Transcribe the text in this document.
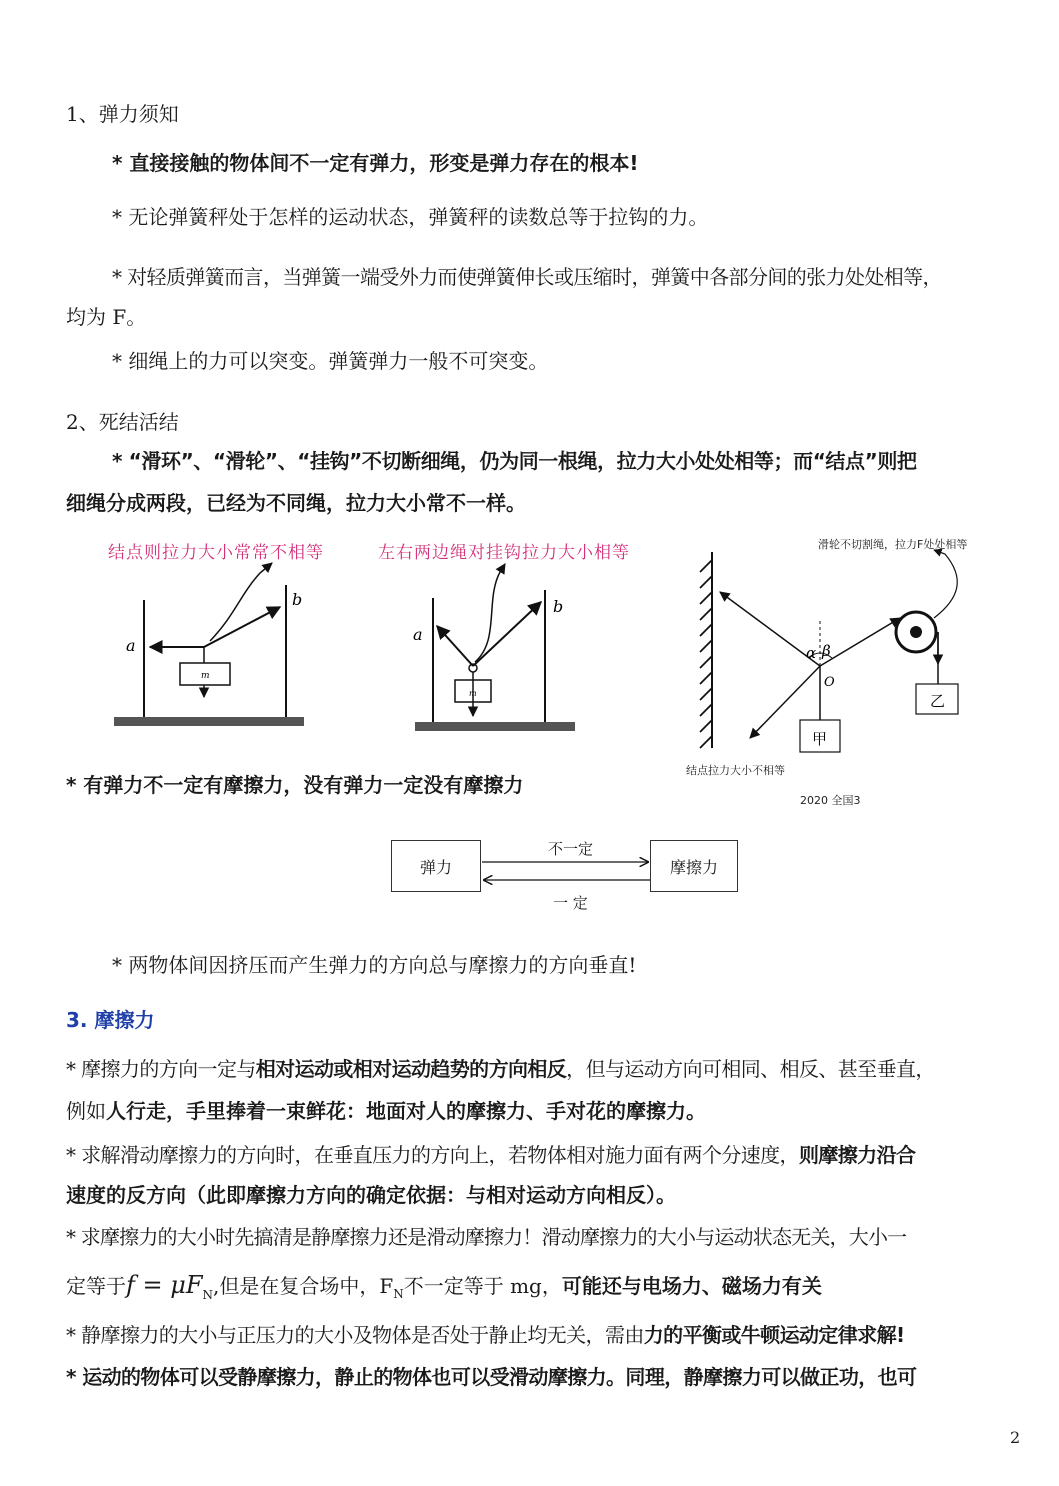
1、弹力须知
* 直接接触的物体间不一定有弹力，形变是弹力存在的根本!
* 无论弹簧秤处于怎样的运动状态，弹簧秤的读数总等于拉钩的力。
* 对轻质弹簧而言，当弹簧一端受外力而使弹簧伸长或压缩时，弹簧中各部分间的张力处处相等，
均为 F。
* 细绳上的力可以突变。弹簧弹力一般不可突变。
2、死结活结
* “滑环”、“滑轮”、“挂钩”不切断细绳，仍为同一根绳，拉力大小处处相等；而“结点”则把
细绳分成两段，已经为不同绳，拉力大小常不一样。
结点则拉力大小常常不相等	左右两边绳对挂钩拉力大小相等	滑轮不切割绳，拉力F处处相等
结点拉力大小不相等
2020 全国3
a
b
m
a
b
m
α β
O
甲
乙
* 有弹力不一定有摩擦力，没有弹力一定没有摩擦力
弹力	摩擦力
不一定
一 定
* 两物体间因挤压而产生弹力的方向总与摩擦力的方向垂直!
3. 摩擦力
* 摩擦力的方向一定与相对运动或相对运动趋势的方向相反，但与运动方向可相同、相反、甚至垂直，
例如人行走，手里捧着一束鲜花：地面对人的摩擦力、手对花的摩擦力。
* 求解滑动摩擦力的方向时，在垂直压力的方向上，若物体相对施力面有两个分速度，则摩擦力沿合
速度的反方向（此即摩擦力方向的确定依据：与相对运动方向相反）。
* 求摩擦力的大小时先搞清是静摩擦力还是滑动摩擦力！滑动摩擦力的大小与运动状态无关，大小一
定等于$f = \mu F_N$,但是在复合场中，$F_N$不一定等于 mg，可能还与电场力、磁场力有关
* 静摩擦力的大小与正压力的大小及物体是否处于静止均无关，需由力的平衡或牛顿运动定律求解!
* 运动的物体可以受静摩擦力，静止的物体也可以受滑动摩擦力。同理，静摩擦力可以做正功，也可
2
